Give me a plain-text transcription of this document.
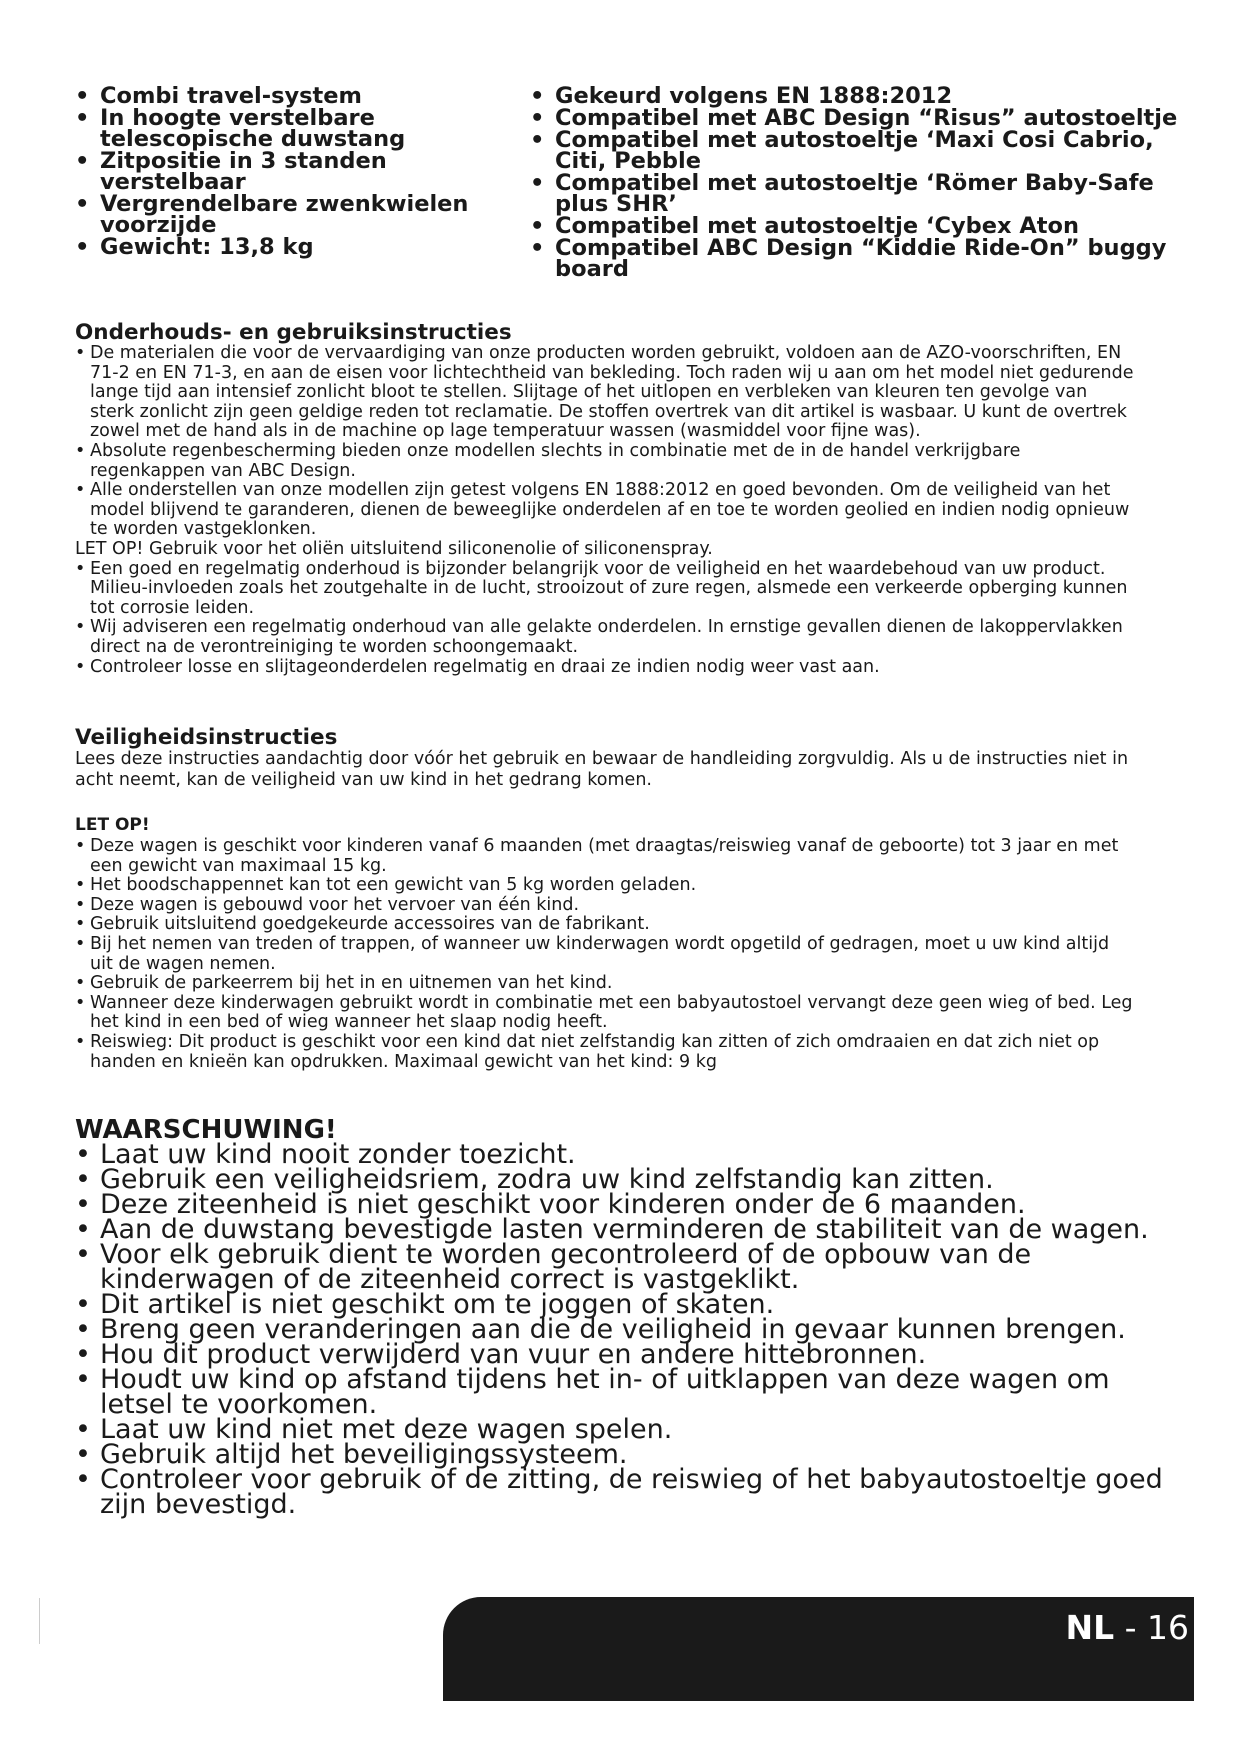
• Combi travel-system
• In hoogte verstelbare telescopische duwstang
• Zitpositie in 3 standen verstelbaar
• Vergrendelbare zwenkwielen voorzijde
• Gewicht: 13,8 kg
• Gekeurd volgens EN 1888:2012
• Compatibel met ABC Design “Risus” autostoeltje
• Compatibel met autostoeltje ‘Maxi Cosi Cabrio, Citi, Pebble
• Compatibel met autostoeltje ‘Römer Baby-Safe plus SHR’
• Compatibel met autostoeltje ‘Cybex Aton
• Compatibel ABC Design “Kiddie Ride-On” buggy board
Onderhouds- en gebruiksinstructies
• De materialen die voor de vervaardiging van onze producten worden gebruikt, voldoen aan de AZO-voorschriften, EN 71-2 en EN 71-3, en aan de eisen voor lichtechtheid van bekleding. Toch raden wij u aan om het model niet gedurende lange tijd aan intensief zonlicht bloot te stellen. Slijtage of het uitlopen en verbleken van kleuren ten gevolge van sterk zonlicht zijn geen geldige reden tot reclamatie. De stoffen overtrek van dit artikel is wasbaar. U kunt de overtrek zowel met de hand als in de machine op lage temperatuur wassen (wasmiddel voor fijne was).
• Absolute regenbescherming bieden onze modellen slechts in combinatie met de in de handel verkrijgbare regenkappen van ABC Design.
• Alle onderstellen van onze modellen zijn getest volgens EN 1888:2012 en goed bevonden. Om de veiligheid van het model blijvend te garanderen, dienen de beweeglijke onderdelen af en toe te worden geolied en indien nodig opnieuw te worden vastgeklonken.
LET OP! Gebruik voor het oliën uitsluitend siliconenolie of siliconenspray.
• Een goed en regelmatig onderhoud is bijzonder belangrijk voor de veiligheid en het waardebehoud van uw product. Milieu-invloeden zoals het zoutgehalte in de lucht, strooizout of zure regen, alsmede een verkeerde opberging kunnen tot corrosie leiden.
• Wij adviseren een regelmatig onderhoud van alle gelakte onderdelen. In ernstige gevallen dienen de lakoppervlakken direct na de verontreiniging te worden schoongemaakt.
• Controleer losse en slijtageonderdelen regelmatig en draai ze indien nodig weer vast aan.
Veiligheidsinstructies

Lees deze instructies aandachtig door vóór het gebruik en bewaar de handleiding zorgvuldig. Als u de instructies niet in acht neemt, kan de veiligheid van uw kind in het gedrang komen.

LET OP!
• Deze wagen is geschikt voor kinderen vanaf 6 maanden (met draagtas/reiswieg vanaf de geboorte) tot 3 jaar en met een gewicht van maximaal 15 kg.
• Het boodschappennet kan tot een gewicht van 5 kg worden geladen.
• Deze wagen is gebouwd voor het vervoer van één kind.
• Gebruik uitsluitend goedgekeurde accessoires van de fabrikant.
• Bij het nemen van treden of trappen, of wanneer uw kinderwagen wordt opgetild of gedragen, moet u uw kind altijd uit de wagen nemen.
• Gebruik de parkeerrem bij het in en uitnemen van het kind.
• Wanneer deze kinderwagen gebruikt wordt in combinatie met een babyautostoel vervangt deze geen wieg of bed. Leg het kind in een bed of wieg wanneer het slaap nodig heeft.
• Reiswieg: Dit product is geschikt voor een kind dat niet zelfstandig kan zitten of zich omdraaien en dat zich niet op handen en knieën kan opdrukken. Maximaal gewicht van het kind: 9 kg
WAARSCHUWING!
• Laat uw kind nooit zonder toezicht.
• Gebruik een veiligheidsriem, zodra uw kind zelfstandig kan zitten.
• Deze ziteenheid is niet geschikt voor kinderen onder de 6 maanden.
• Aan de duwstang bevestigde lasten verminderen de stabiliteit van de wagen.
• Voor elk gebruik dient te worden gecontroleerd of de opbouw van de kinderwagen of de ziteenheid correct is vastgeklikt.
• Dit artikel is niet geschikt om te joggen of skaten.
• Breng geen veranderingen aan die de veiligheid in gevaar kunnen brengen.
• Hou dit product verwijderd van vuur en andere hittebronnen.
• Houdt uw kind op afstand tijdens het in- of uitklappen van deze wagen om letsel te voorkomen.
• Laat uw kind niet met deze wagen spelen.
• Gebruik altijd het beveiligingssysteem.
• Controleer voor gebruik of de zitting, de reiswieg of het babyautostoeltje goed zijn bevestigd.
NL - 16
